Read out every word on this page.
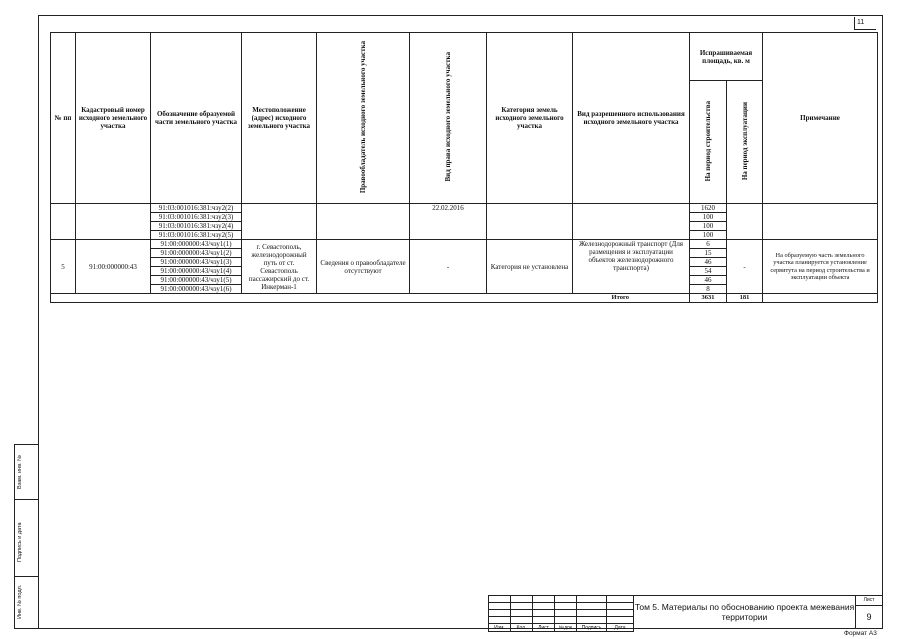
11
Взам. инв. №
Подпись и дата
Инв. № подл.
№ пп	Кадастровый номер исходного земельного участка	Обозначение образуемой части земельного участка	Местоположение (адрес) исходного земельного участка	Правообладатель исходного земельного участка	Вид права исходного земельного участка	Категория земель исходного земельного участка	Вид разрешенного использования исходного земельного участка	Испрашиваемая площадь, кв. м		Примечание
								На период строительства	На период эксплуатации	
		91:03:001016:381:чзу2(2)			22.02.2016			1620		
		91:03:001016:381:чзу2(3)						100		
		91:03:001016:381:чзу2(4)						100		
		91:03:001016:381:чзу2(5)						100		
5	91:00:000000:43	91:00:000000:43/чзу1(1)	г. Севастополь, железнодорожный путь от ст. Севастополь пассажирский до ст. Инкерман-1	Сведения о правообладателе отсутствуют	-	Категория не установлена	Железнодорожный транспорт (Для размещения и эксплуатации объектов железнодорожного транспорта)	6	-	На образуемую часть земельного участка планируется установление сервитута на период строительства и эксплуатации объекта
		91:00:000000:43/чзу1(2)						15		
		91:00:000000:43/чзу1(3)						46		
		91:00:000000:43/чзу1(4)						54		
		91:00:000000:43/чзу1(5)						46		
		91:00:000000:43/чзу1(6)						8		
Итого								3631	181	

Изм.	Кол.	Лист	№док	Подпись	Дата
Том 5. Материалы по обоснованию проекта межевания территории
Лист
9
Формат А3
